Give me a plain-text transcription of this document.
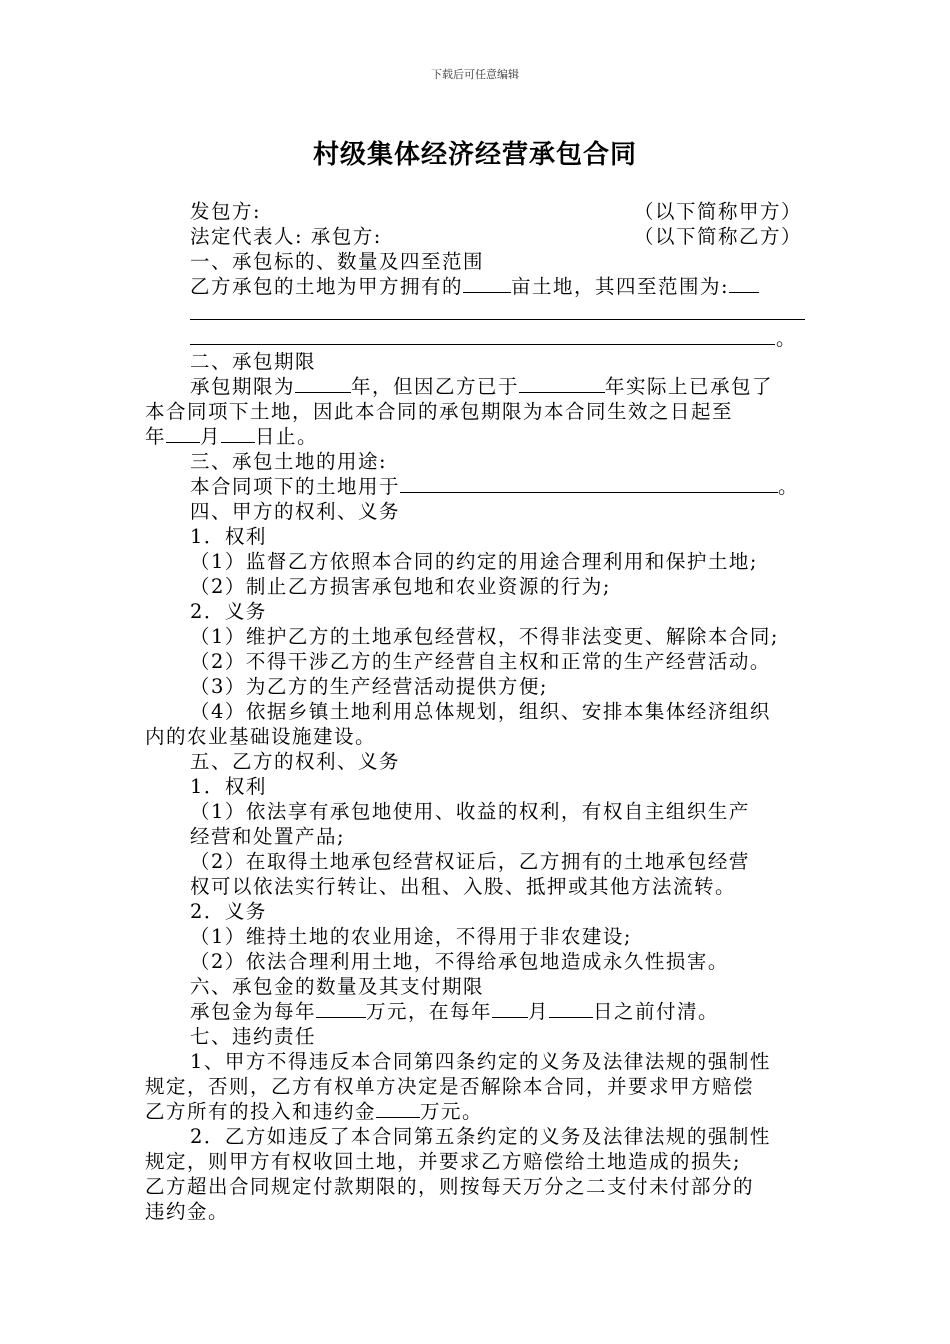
下载后可任意编辑
村级集体经济经营承包合同
发包方:	（以下简称甲方）
法定代表人: 承包方:	（以下简称乙方）
一、承包标的、数量及四至范围
乙方承包的土地为甲方拥有的 亩土地，其四至范围为:
。
二、承包期限
承包期限为	年，但因乙方已于	年实际上已承包了
本合同项下土地，因此本合同的承包期限为本合同生效之日起至
年 月 日止。
三、承包土地的用途:
本合同项下的土地用于	。
四、甲方的权利、义务
1．权利
（1）监督乙方依照本合同的约定的用途合理利用和保护土地;
（2）制止乙方损害承包地和农业资源的行为;
2．义务
（1）维护乙方的土地承包经营权，不得非法变更、解除本合同;
（2）不得干涉乙方的生产经营自主权和正常的生产经营活动。
（3）为乙方的生产经营活动提供方便;
（4）依据乡镇土地利用总体规划，组织、安排本集体经济组织
内的农业基础设施建设。
五、乙方的权利、义务
1．权利
（1）依法享有承包地使用、收益的权利，有权自主组织生产
经营和处置产品;
（2）在取得土地承包经营权证后，乙方拥有的土地承包经营
权可以依法实行转让、出租、入股、抵押或其他方法流转。
2．义务
（1）维持土地的农业用途，不得用于非农建设;
（2）依法合理利用土地，不得给承包地造成永久性损害。
六、承包金的数量及其支付期限
承包金为每年	万元，在每年 月 日之前付清。
七、违约责任
1、甲方不得违反本合同第四条约定的义务及法律法规的强制性
规定，否则，乙方有权单方决定是否解除本合同，并要求甲方赔偿
乙方所有的投入和违约金 万元。
2．乙方如违反了本合同第五条约定的义务及法律法规的强制性
规定，则甲方有权收回土地，并要求乙方赔偿给土地造成的损失;
乙方超出合同规定付款期限的，则按每天万分之二支付未付部分的
违约金。
